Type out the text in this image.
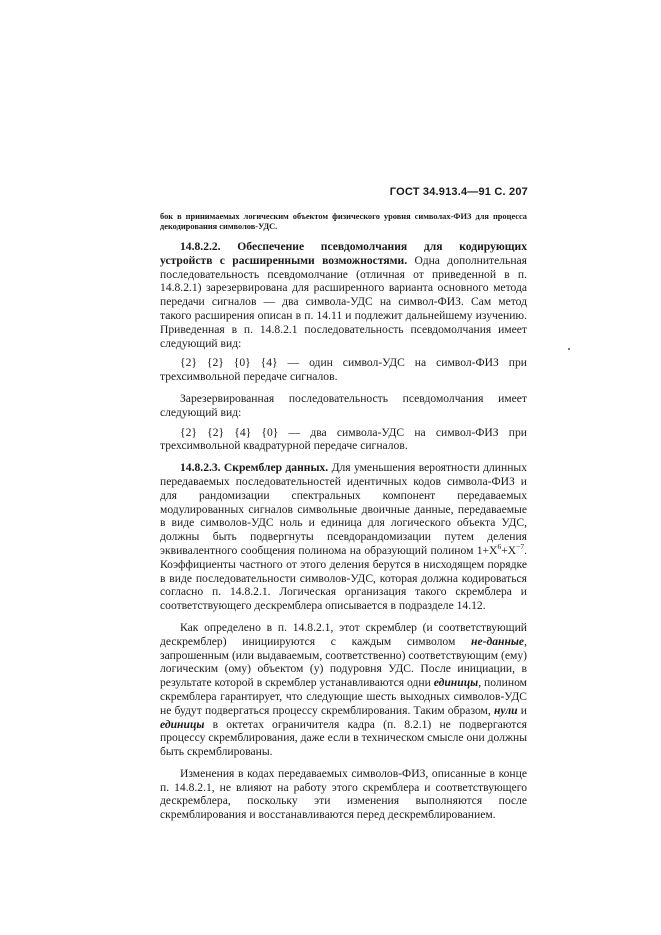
ГОСТ 34.913.4—91 С. 207

бок в принимаемых логическим объектом физического уровня символах-ФИЗ для процесса декодирования символов-УДС.

14.8.2.2. Обеспечение псевдомолчания для кодирующих устройств с расширенными возможностями. Одна дополнительная последовательность псевдомолчание (отличная от приведенной в п. 14.8.2.1) зарезервирована для расширенного варианта основного метода передачи сигналов — два символа-УДС на символ-ФИЗ. Сам метод такого расширения описан в п. 14.11 и подлежит дальнейшему изучению. Приведенная в п. 14.8.2.1 последовательность псевдомолчания имеет следующий вид:

{2} {2} {0} {4} — один символ-УДС на символ-ФИЗ при трехсимвольной передаче сигналов.

Зарезервированная последовательность псевдомолчания имеет следующий вид:

{2} {2} {4} {0} — два символа-УДС на символ-ФИЗ при трехсимвольной квадратурной передаче сигналов.

14.8.2.3. Скремблер данных. Для уменьшения вероятности длинных передаваемых последовательностей идентичных кодов символа-ФИЗ и для рандомизации спектральных компонент передаваемых модулированных сигналов символьные двоичные данные, передаваемые в виде символов-УДС ноль и единица для логического объекта УДС, должны быть подвергнуты псевдорандомизации путем деления эквивалентного сообщения полинома на образующий полином $1+X^6+X^{-7}$. Коэффициенты частного от этого деления берутся в нисходящем порядке в виде последовательности символов-УДС, которая должна кодироваться согласно п. 14.8.2.1. Логическая организация такого скремблера и соответствующего дескремблера описывается в подразделе 14.12.

Как определено в п. 14.8.2.1, этот скремблер (и соответствующий дескремблер) инициируются с каждым символом не-данные, запрошенным (или выдаваемым, соответственно) соответствующим (ему) логическим (ому) объектом (у) подуровня УДС. После инициации, в результате которой в скремблер устанавливаются одни единицы, полином скремблера гарантирует, что следующие шесть выходных символов-УДС не будут подвергаться процессу скремблирования. Таким образом, нули и единицы в октетах ограничителя кадра (п. 8.2.1) не подвергаются процессу скремблирования, даже если в техническом смысле они должны быть скремблированы.

Изменения в кодах передаваемых символов-ФИЗ, описанные в конце п. 14.8.2.1, не влияют на работу этого скремблера и соответствующего дескремблера, поскольку эти изменения выполняются после скремблирования и восстанавливаются перед дескремблированием.
